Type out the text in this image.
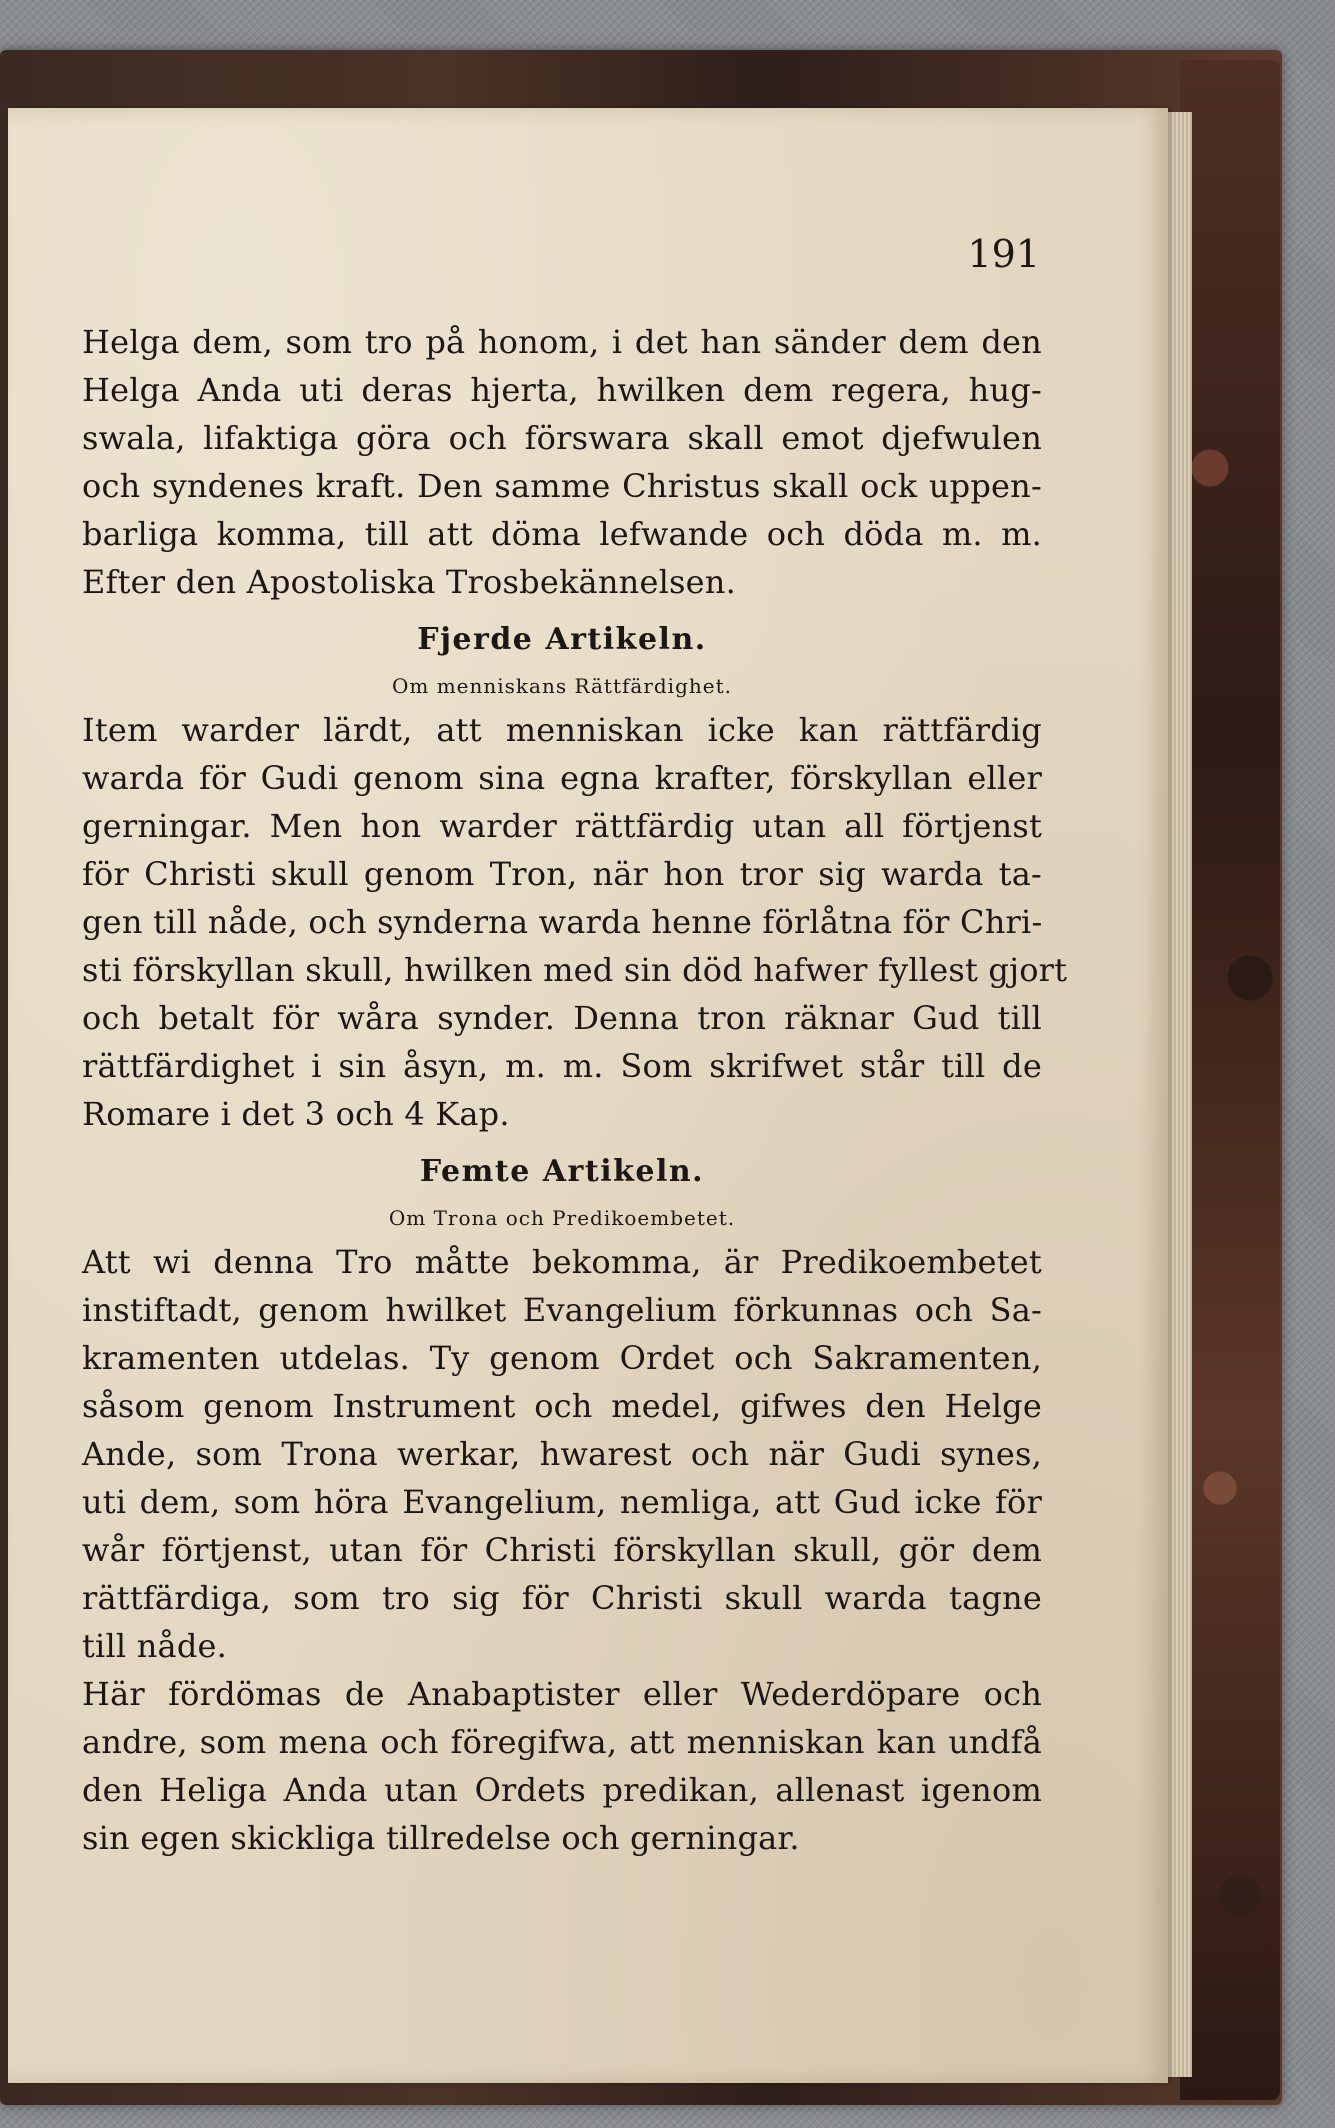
191
Helga dem, som tro på honom, i det han sänder dem den
Helga Anda uti deras hjerta, hwilken dem regera, hug-
swala, lifaktiga göra och förswara skall emot djefwulen
och syndenes kraft. Den samme Christus skall ock uppen-
barliga komma, till att döma lefwande och döda m. m.
Efter den Apostoliska Trosbekännelsen.
Fjerde Artikeln.
Om menniskans Rättfärdighet.
Item warder lärdt, att menniskan icke kan rättfärdig
warda för Gudi genom sina egna krafter, förskyllan eller
gerningar. Men hon warder rättfärdig utan all förtjenst
för Christi skull genom Tron, när hon tror sig warda ta-
gen till nåde, och synderna warda henne förlåtna för Chri-
sti förskyllan skull, hwilken med sin död hafwer fyllest gjort
och betalt för wåra synder. Denna tron räknar Gud till
rättfärdighet i sin åsyn, m. m. Som skrifwet står till de
Romare i det 3 och 4 Kap.
Femte Artikeln.
Om Trona och Predikoembetet.
Att wi denna Tro måtte bekomma, är Predikoembetet
instiftadt, genom hwilket Evangelium förkunnas och Sa-
kramenten utdelas. Ty genom Ordet och Sakramenten,
såsom genom Instrument och medel, gifwes den Helge
Ande, som Trona werkar, hwarest och när Gudi synes,
uti dem, som höra Evangelium, nemliga, att Gud icke för
wår förtjenst, utan för Christi förskyllan skull, gör dem
rättfärdiga, som tro sig för Christi skull warda tagne
till nåde.
Här fördömas de Anabaptister eller Wederdöpare och
andre, som mena och föregifwa, att menniskan kan undfå
den Heliga Anda utan Ordets predikan, allenast igenom
sin egen skickliga tillredelse och gerningar.
